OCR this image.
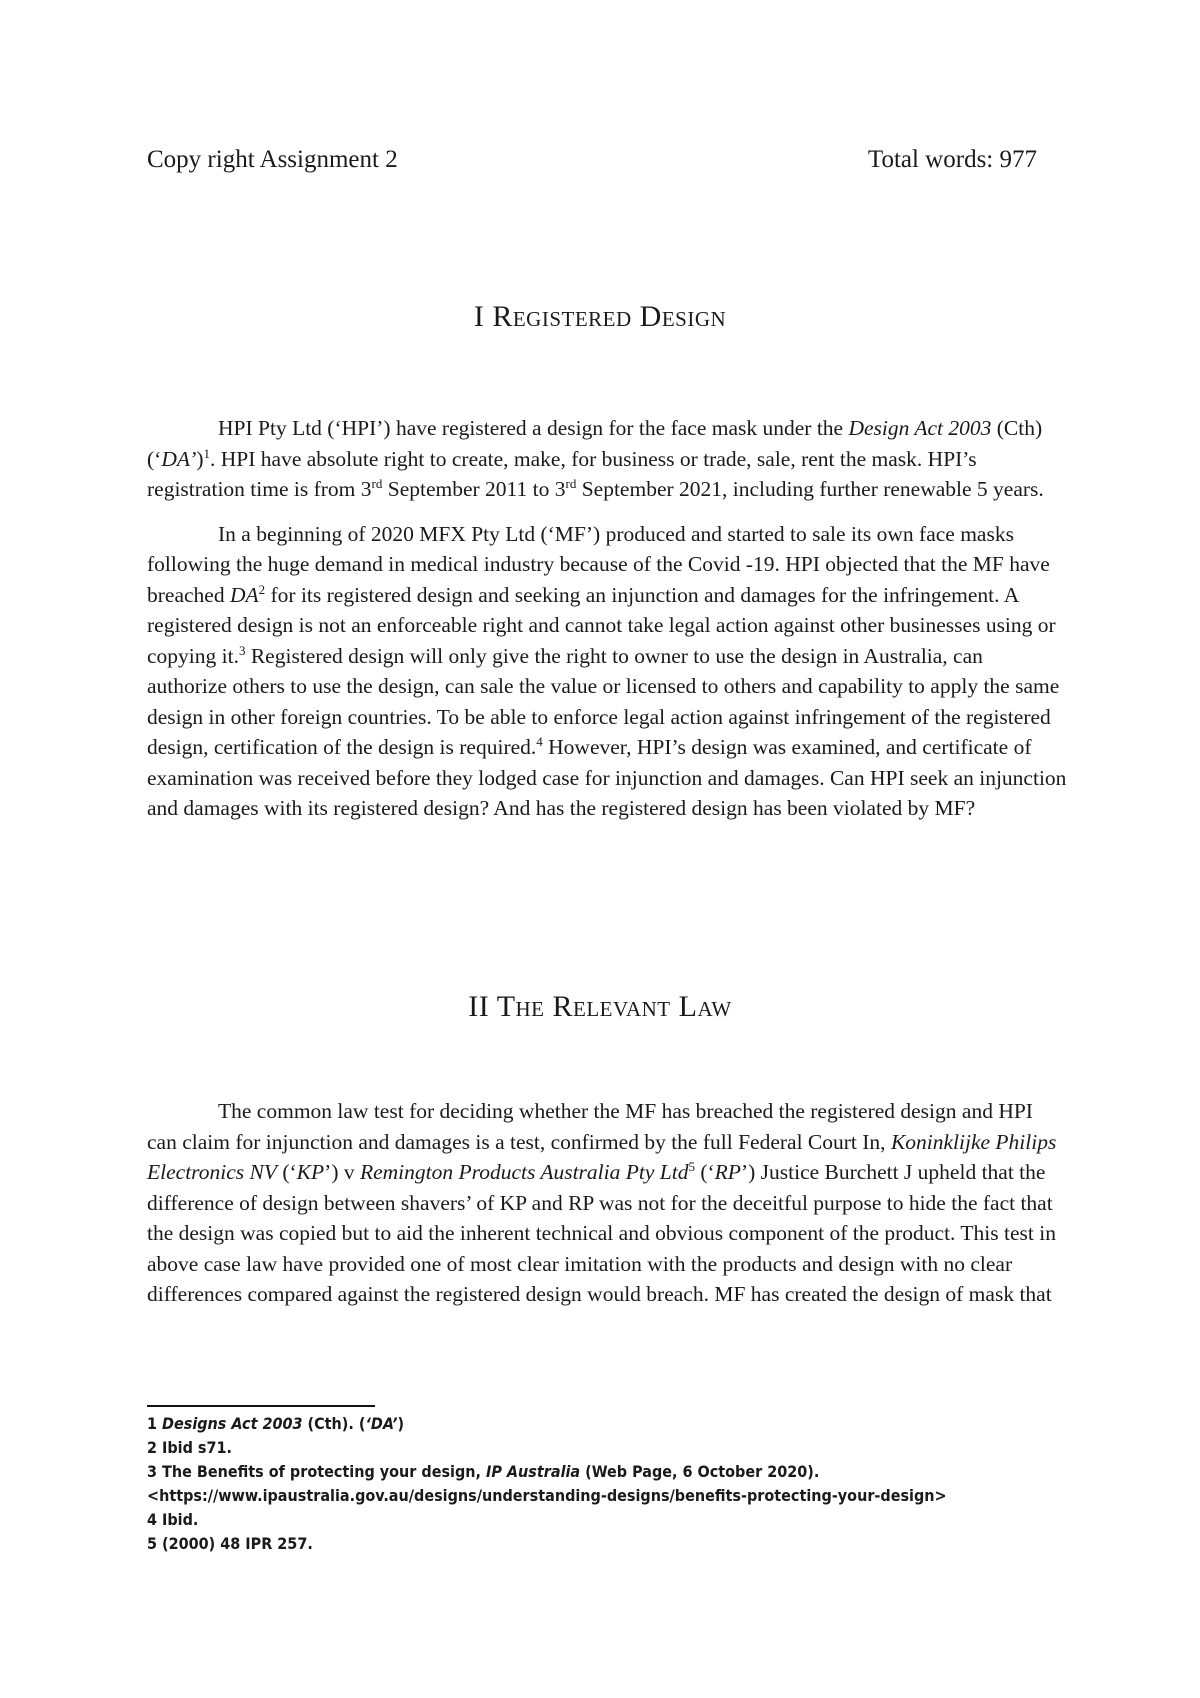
Copy right Assignment 2	Total words: 977
I Registered Design

HPI Pty Ltd (‘HPI’) have registered a design for the face mask under the Design Act 2003 (Cth) (‘DA’)$^1$. HPI have absolute right to create, make, for business or trade, sale, rent the mask. HPI’s registration time is from 3rd September 2011 to 3rd September 2021, including further renewable 5 years.

In a beginning of 2020 MFX Pty Ltd (‘MF’) produced and started to sale its own face masks following the huge demand in medical industry because of the Covid -19. HPI objected that the MF have breached $DA^2$ for its registered design and seeking an injunction and damages for the infringement. A registered design is not an enforceable right and cannot take legal action against other businesses using or copying it.$^3$ Registered design will only give the right to owner to use the design in Australia, can authorize others to use the design, can sale the value or licensed to others and capability to apply the same design in other foreign countries. To be able to enforce legal action against infringement of the registered design, certification of the design is required.$^4$ However, HPI’s design was examined, and certificate of examination was received before they lodged case for injunction and damages. Can HPI seek an injunction and damages with its registered design? And has the registered design has been violated by MF?

II The Relevant Law

The common law test for deciding whether the MF has breached the registered design and HPI can claim for injunction and damages is a test, confirmed by the full Federal Court In, Koninklijke Philips Electronics NV (‘KP’) v Remington Products Australia Pty Ltd$^5$ (‘RP’) Justice Burchett J upheld that the difference of design between shavers’ of KP and RP was not for the deceitful purpose to hide the fact that the design was copied but to aid the inherent technical and obvious component of the product. This test in above case law have provided one of most clear imitation with the products and design with no clear differences compared against the registered design would breach. MF has created the design of mask that

1 Designs Act 2003 (Cth). (‘DA’)
2 Ibid s71.
3 The Benefits of protecting your design, IP Australia (Web Page, 6 October 2020).
<https://www.ipaustralia.gov.au/designs/understanding-designs/benefits-protecting-your-design>
4 Ibid.
5 (2000) 48 IPR 257.
